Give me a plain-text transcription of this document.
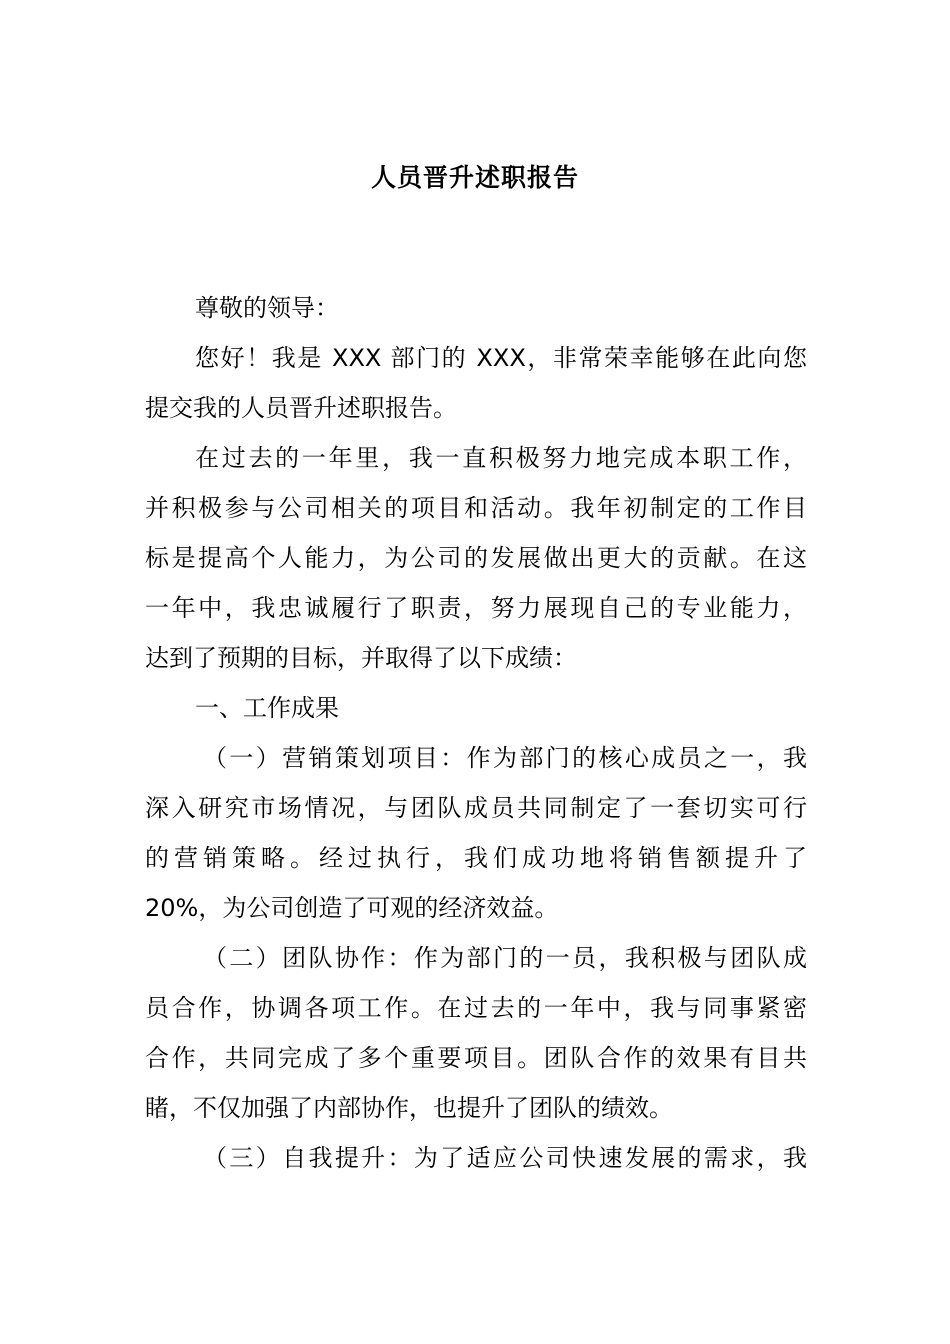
人员晋升述职报告
尊敬的领导：
您好！我是 XXX 部门的 XXX，非常荣幸能够在此向您
提交我的人员晋升述职报告。
在过去的一年里，我一直积极努力地完成本职工作，
并积极参与公司相关的项目和活动。我年初制定的工作目
标是提高个人能力，为公司的发展做出更大的贡献。在这
一年中，我忠诚履行了职责，努力展现自己的专业能力，
达到了预期的目标，并取得了以下成绩：
一、工作成果
（一）营销策划项目：作为部门的核心成员之一，我
深入研究市场情况，与团队成员共同制定了一套切实可行
的营销策略。经过执行，我们成功地将销售额提升了
20%，为公司创造了可观的经济效益。
（二）团队协作：作为部门的一员，我积极与团队成
员合作，协调各项工作。在过去的一年中，我与同事紧密
合作，共同完成了多个重要项目。团队合作的效果有目共
睹，不仅加强了内部协作，也提升了团队的绩效。
（三）自我提升：为了适应公司快速发展的需求，我
